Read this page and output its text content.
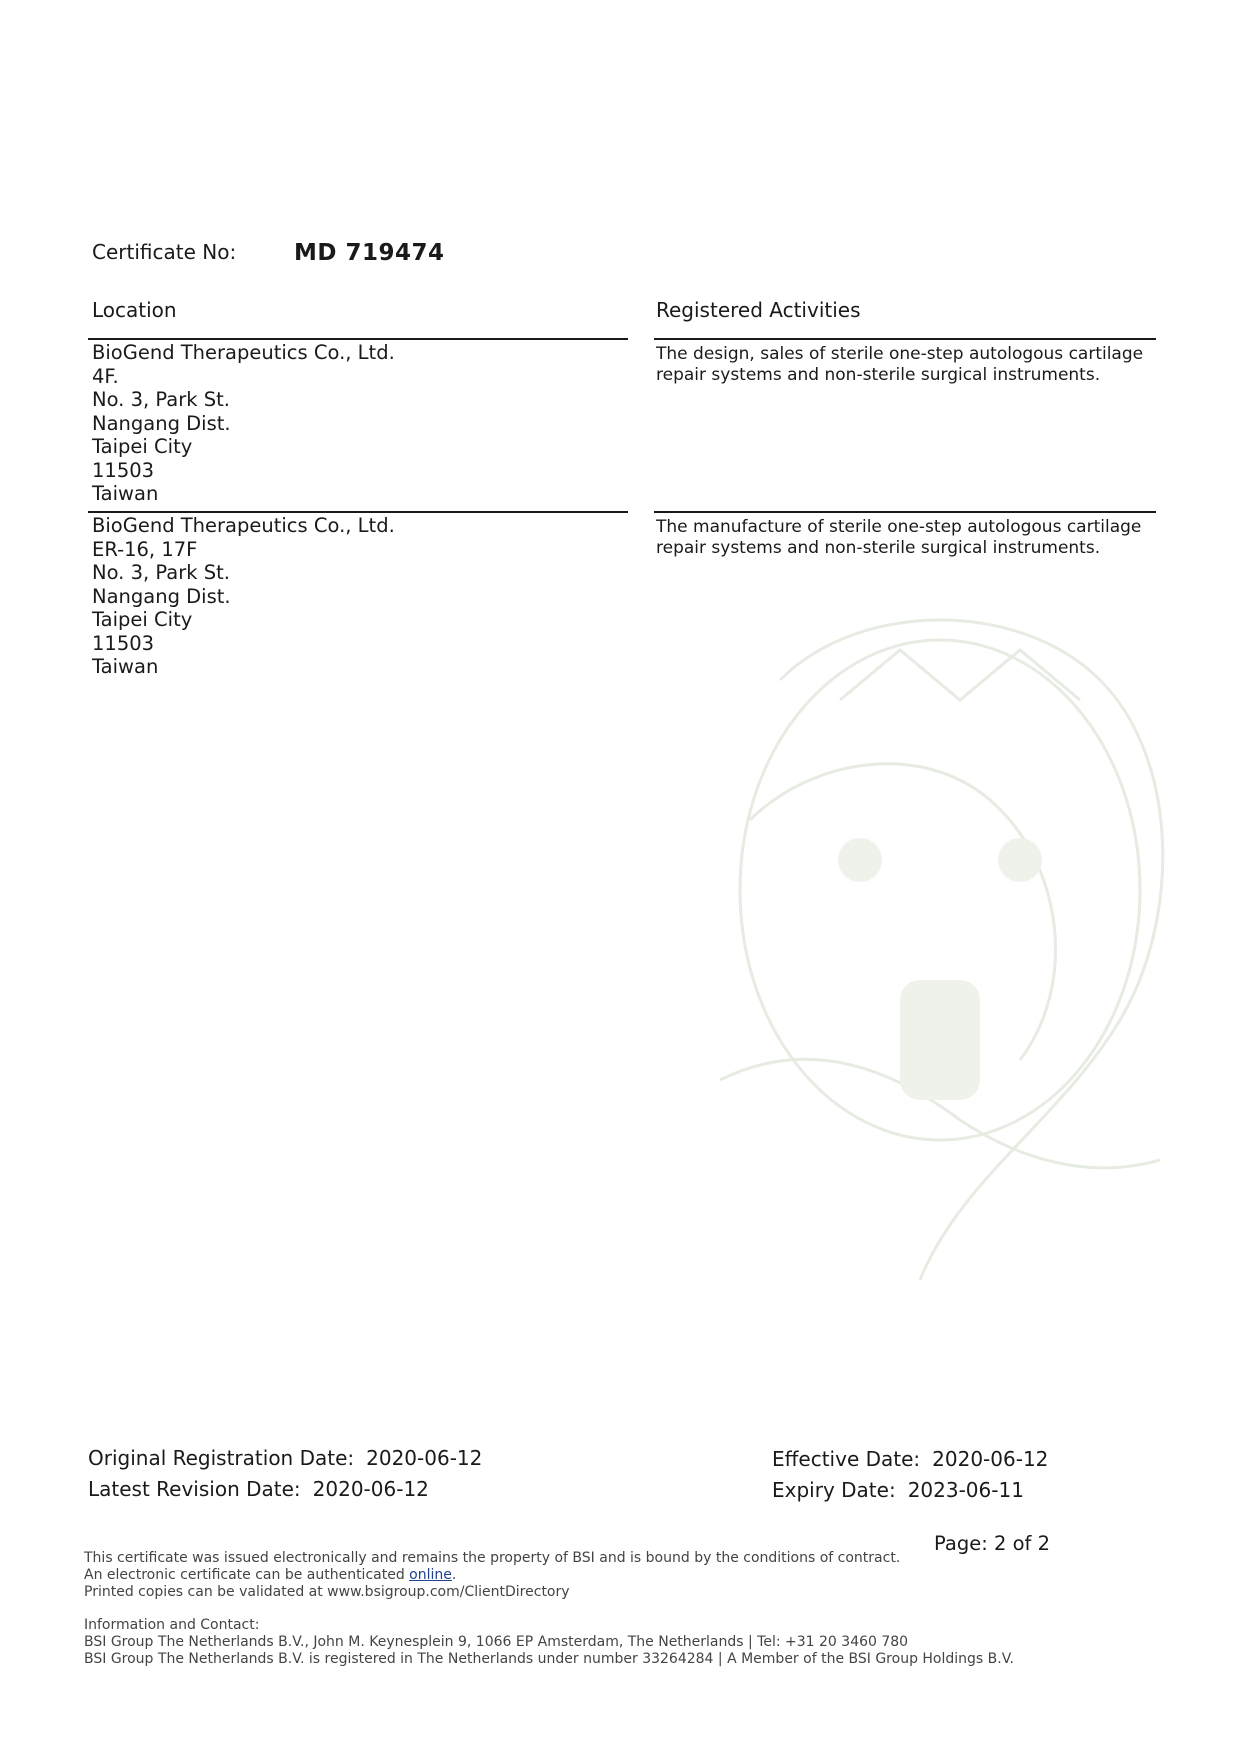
Certificate No:	MD 719474
Location	Registered Activities
BioGend Therapeutics Co., Ltd.
4F.
No. 3, Park St.
Nangang Dist.
Taipei City
11503
Taiwan
The design, sales of sterile one-step autologous cartilage
repair systems and non-sterile surgical instruments.
BioGend Therapeutics Co., Ltd.
ER-16, 17F
No. 3, Park St.
Nangang Dist.
Taipei City
11503
Taiwan
The manufacture of sterile one-step autologous cartilage
repair systems and non-sterile surgical instruments.
Original Registration Date: 2020-06-12
Latest Revision Date: 2020-06-12
Effective Date: 2020-06-12
Expiry Date: 2023-06-11
Page: 2 of 2
This certificate was issued electronically and remains the property of BSI and is bound by the conditions of contract.
An electronic certificate can be authenticated online.
Printed copies can be validated at www.bsigroup.com/ClientDirectory
Information and Contact:
BSI Group The Netherlands B.V., John M. Keynesplein 9, 1066 EP Amsterdam, The Netherlands | Tel: +31 20 3460 780
BSI Group The Netherlands B.V. is registered in The Netherlands under number 33264284 | A Member of the BSI Group Holdings B.V.
